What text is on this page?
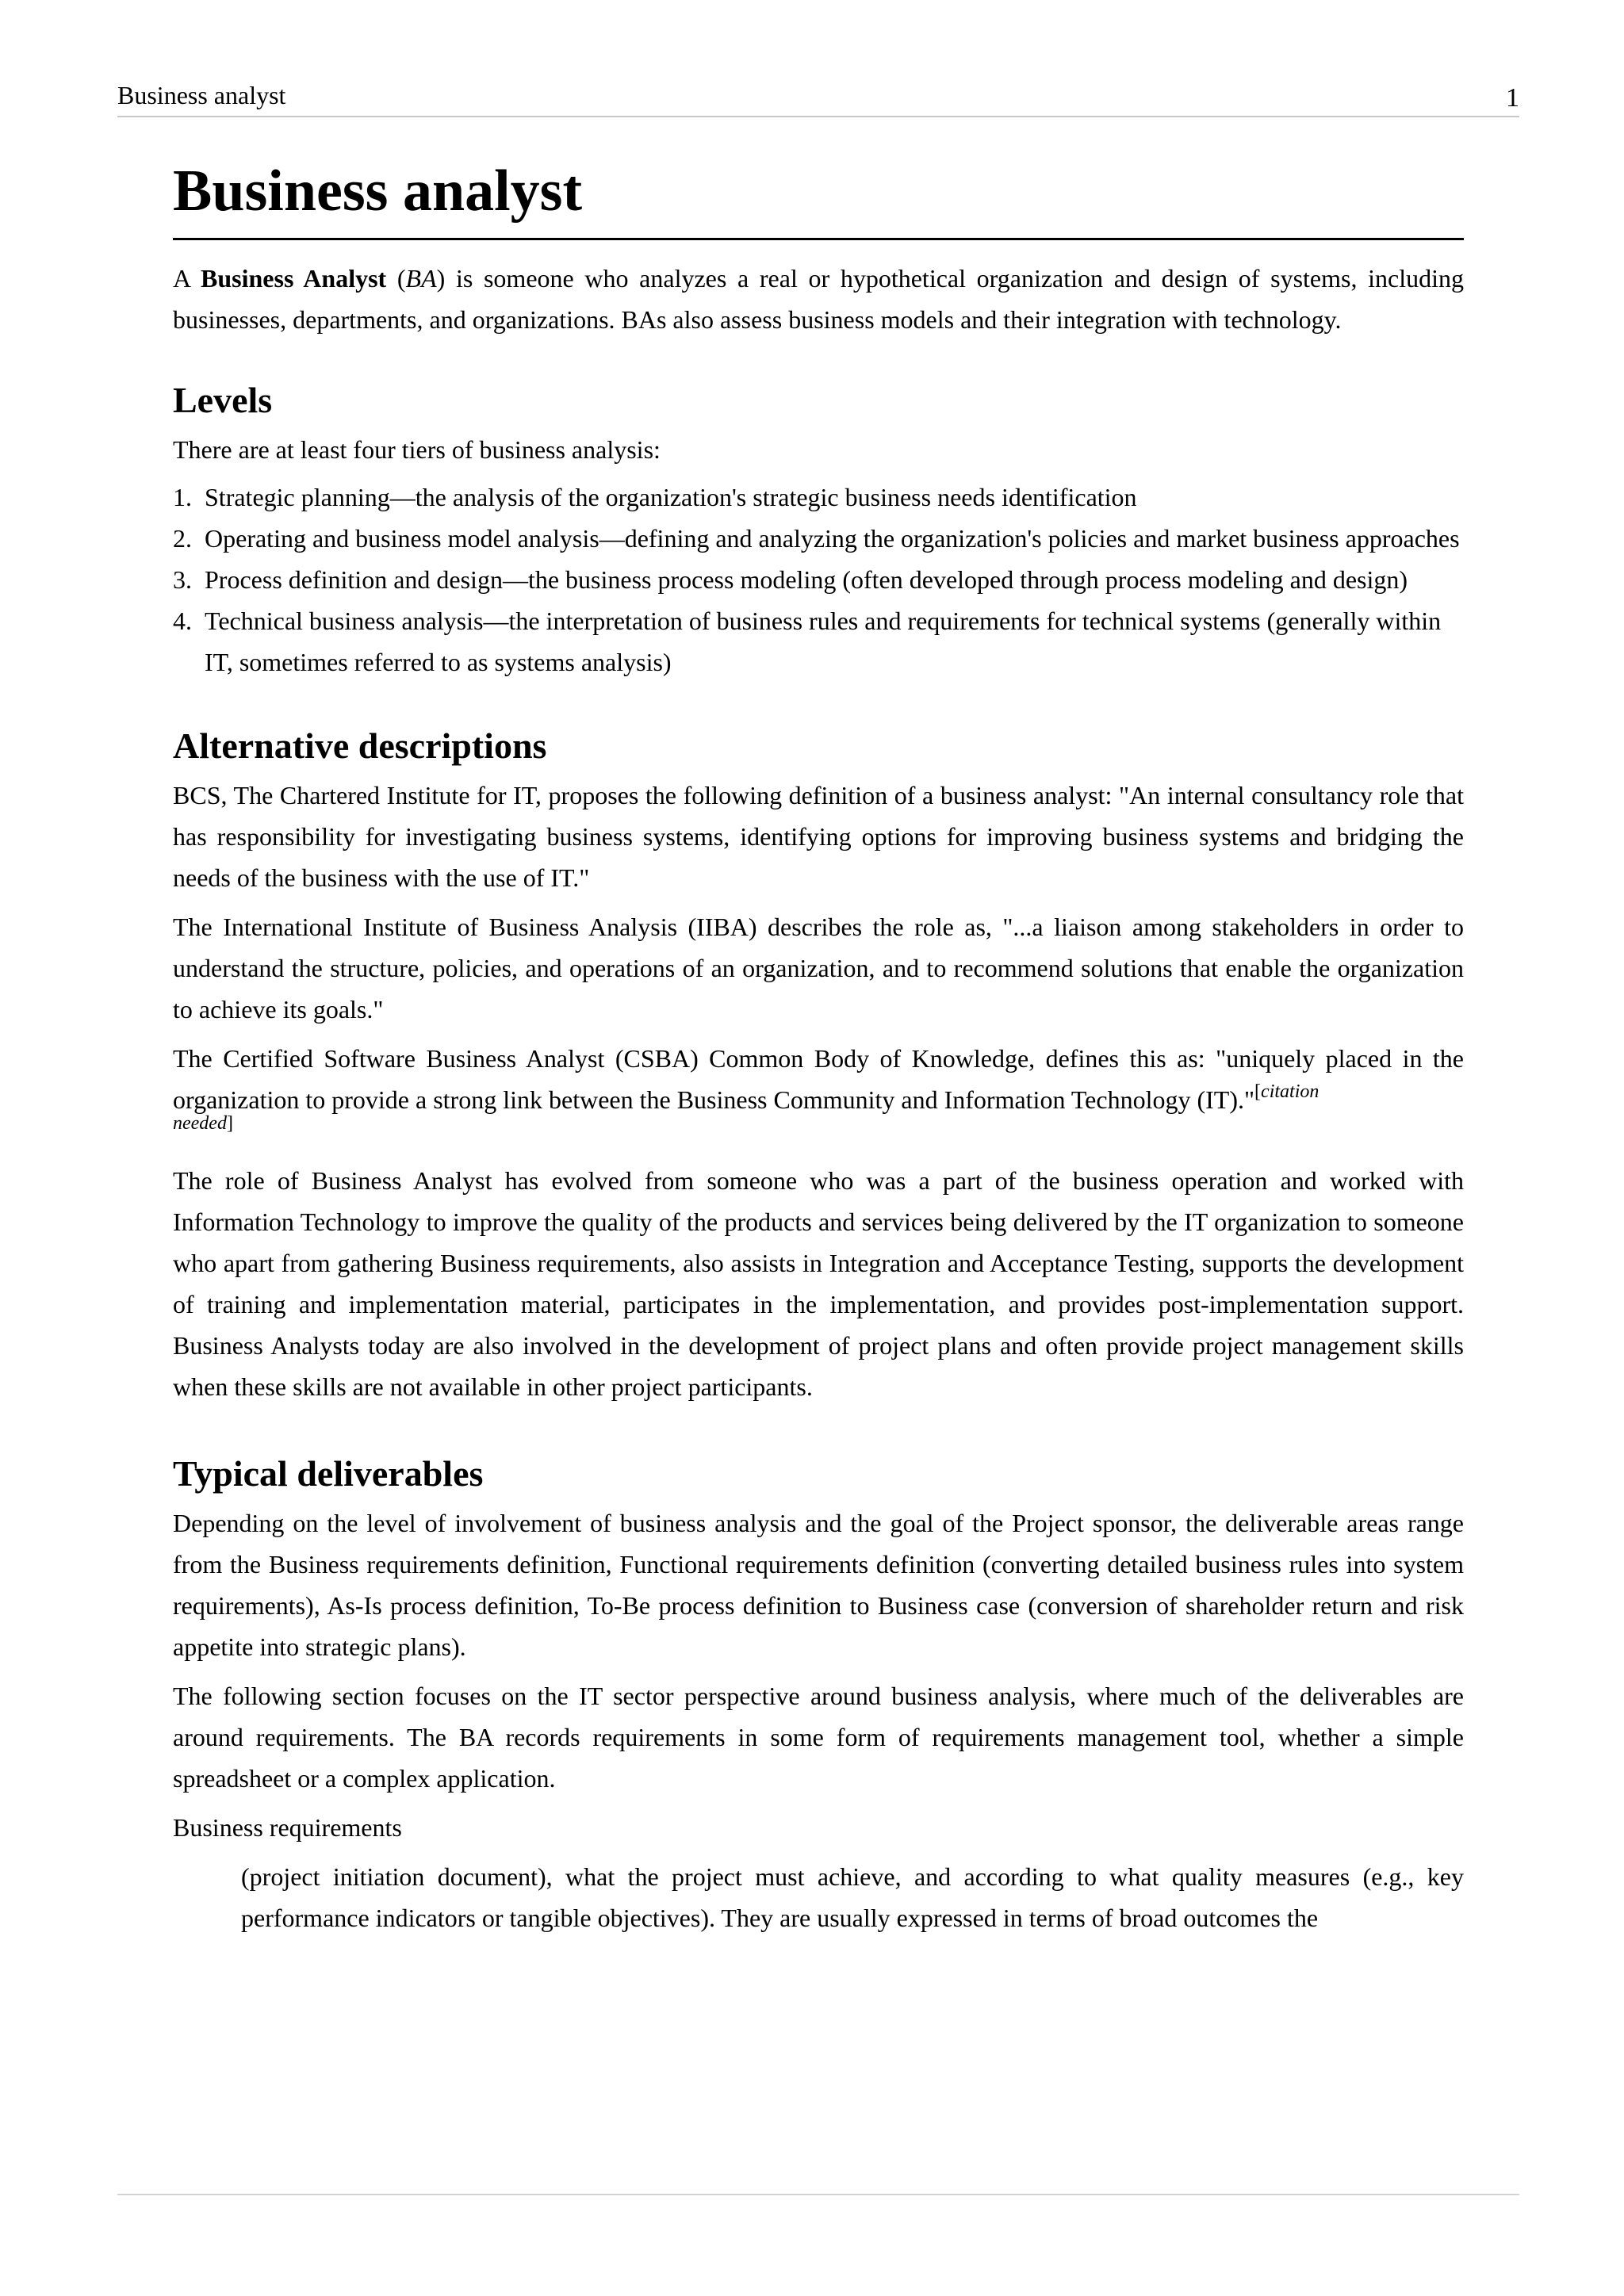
Business analyst	1
Business analyst

A Business Analyst (BA) is someone who analyzes a real or hypothetical organization and design of systems, including businesses, departments, and organizations. BAs also assess business models and their integration with technology.

Levels

There are at least four tiers of business analysis:

1. Strategic planning—the analysis of the organization's strategic business needs identification
2. Operating and business model analysis—defining and analyzing the organization's policies and market business approaches
3. Process definition and design—the business process modeling (often developed through process modeling and design)
4. Technical business analysis—the interpretation of business rules and requirements for technical systems (generally within IT, sometimes referred to as systems analysis)
Alternative descriptions

BCS, The Chartered Institute for IT, proposes the following definition of a business analyst: "An internal consultancy role that has responsibility for investigating business systems, identifying options for improving business systems and bridging the needs of the business with the use of IT."

The International Institute of Business Analysis (IIBA) describes the role as, "...a liaison among stakeholders in order to understand the structure, policies, and operations of an organization, and to recommend solutions that enable the organization to achieve its goals."

The Certified Software Business Analyst (CSBA) Common Body of Knowledge, defines this as: "uniquely placed in the organization to provide a strong link between the Business Community and Information Technology (IT)."$^{[citation}$
needed]

The role of Business Analyst has evolved from someone who was a part of the business operation and worked with Information Technology to improve the quality of the products and services being delivered by the IT organization to someone who apart from gathering Business requirements, also assists in Integration and Acceptance Testing, supports the development of training and implementation material, participates in the implementation, and provides post-implementation support. Business Analysts today are also involved in the development of project plans and often provide project management skills when these skills are not available in other project participants.

Typical deliverables

Depending on the level of involvement of business analysis and the goal of the Project sponsor, the deliverable areas range from the Business requirements definition, Functional requirements definition (converting detailed business rules into system requirements), As-Is process definition, To-Be process definition to Business case (conversion of shareholder return and risk appetite into strategic plans).

The following section focuses on the IT sector perspective around business analysis, where much of the deliverables are around requirements. The BA records requirements in some form of requirements management tool, whether a simple spreadsheet or a complex application.

Business requirements
(project initiation document), what the project must achieve, and according to what quality measures (e.g., key performance indicators or tangible objectives). They are usually expressed in terms of broad outcomes the
